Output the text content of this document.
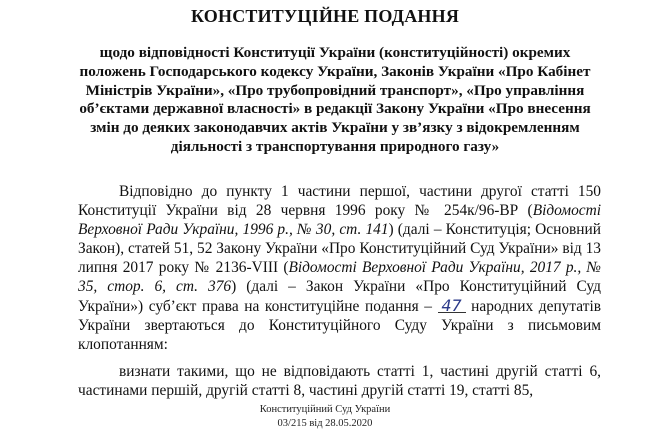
КОНСТИТУЦІЙНЕ ПОДАННЯ
щодо відповідності Конституції України (конституційності) окремих положень Господарського кодексу України, Законів України «Про Кабінет Міністрів України», «Про трубопровідний транспорт», «Про управління об’єктами державної власності» в редакції Закону України «Про внесення змін до деяких законодавчих актів України у зв’язку з відокремленням діяльності з транспортування природного газу»

Відповідно до пункту 1 частини першої, частини другої статті 150 Конституції України від 28 червня 1996 року № 254к/96-ВР (Відомості Верховної Ради України, 1996 р., № 30, ст. 141) (далі – Конституція; Основний Закон), статей 51, 52 Закону України «Про Конституційний Суд України» від 13 липня 2017 року № 2136-VIII (Відомості Верховної Ради України, 2017 р., № 35, стор. 6, ст. 376) (далі – Закон України «Про Конституційний Суд України») суб’єкт права на конституційне подання – 47 народних депутатів України звертаються до Конституційного Суду України з письмовим клопотанням:

визнати такими, що не відповідають статті 1, частині другій статті 6, частинами першій, другій статті 8, частині другій статті 19, статті 85,

Конституційний Суд України
03/215 від 28.05.2020
